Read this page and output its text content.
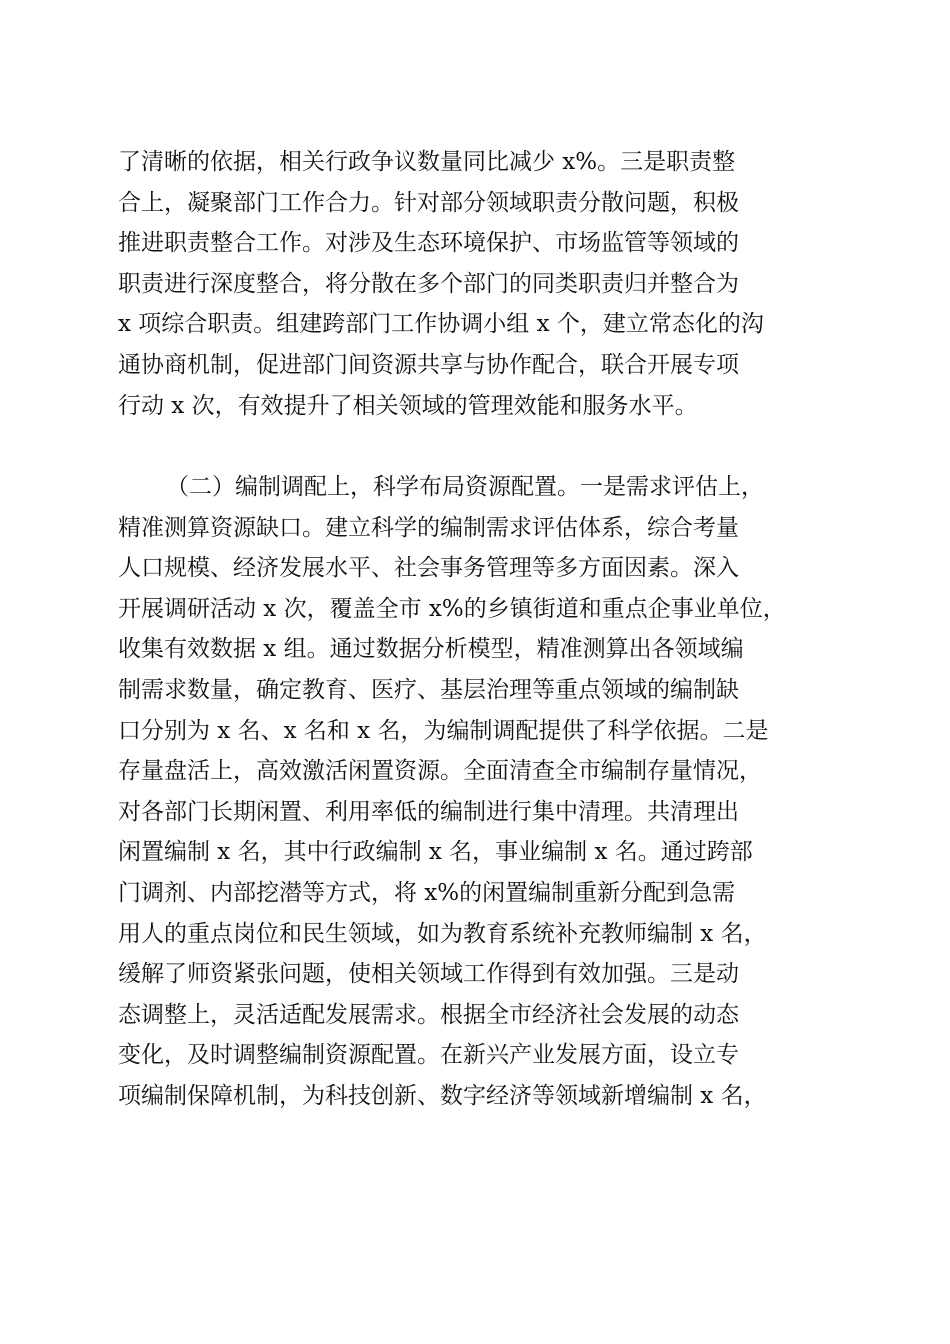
了清晰的依据，相关行政争议数量同比减少 x%。三是职责整
合上，凝聚部门工作合力。针对部分领域职责分散问题，积极
推进职责整合工作。对涉及生态环境保护、市场监管等领域的
职责进行深度整合，将分散在多个部门的同类职责归并整合为
x 项综合职责。组建跨部门工作协调小组 x 个，建立常态化的沟
通协商机制，促进部门间资源共享与协作配合，联合开展专项
行动 x 次，有效提升了相关领域的管理效能和服务水平。
（二）编制调配上，科学布局资源配置。一是需求评估上，
精准测算资源缺口。建立科学的编制需求评估体系，综合考量
人口规模、经济发展水平、社会事务管理等多方面因素。深入
开展调研活动 x 次，覆盖全市 x%的乡镇街道和重点企事业单位，
收集有效数据 x 组。通过数据分析模型，精准测算出各领域编
制需求数量，确定教育、医疗、基层治理等重点领域的编制缺
口分别为 x 名、x 名和 x 名，为编制调配提供了科学依据。二是
存量盘活上，高效激活闲置资源。全面清查全市编制存量情况，
对各部门长期闲置、利用率低的编制进行集中清理。共清理出
闲置编制 x 名，其中行政编制 x 名，事业编制 x 名。通过跨部
门调剂、内部挖潜等方式，将 x%的闲置编制重新分配到急需
用人的重点岗位和民生领域，如为教育系统补充教师编制 x 名，
缓解了师资紧张问题，使相关领域工作得到有效加强。三是动
态调整上，灵活适配发展需求。根据全市经济社会发展的动态
变化，及时调整编制资源配置。在新兴产业发展方面，设立专
项编制保障机制，为科技创新、数字经济等领域新增编制 x 名，
